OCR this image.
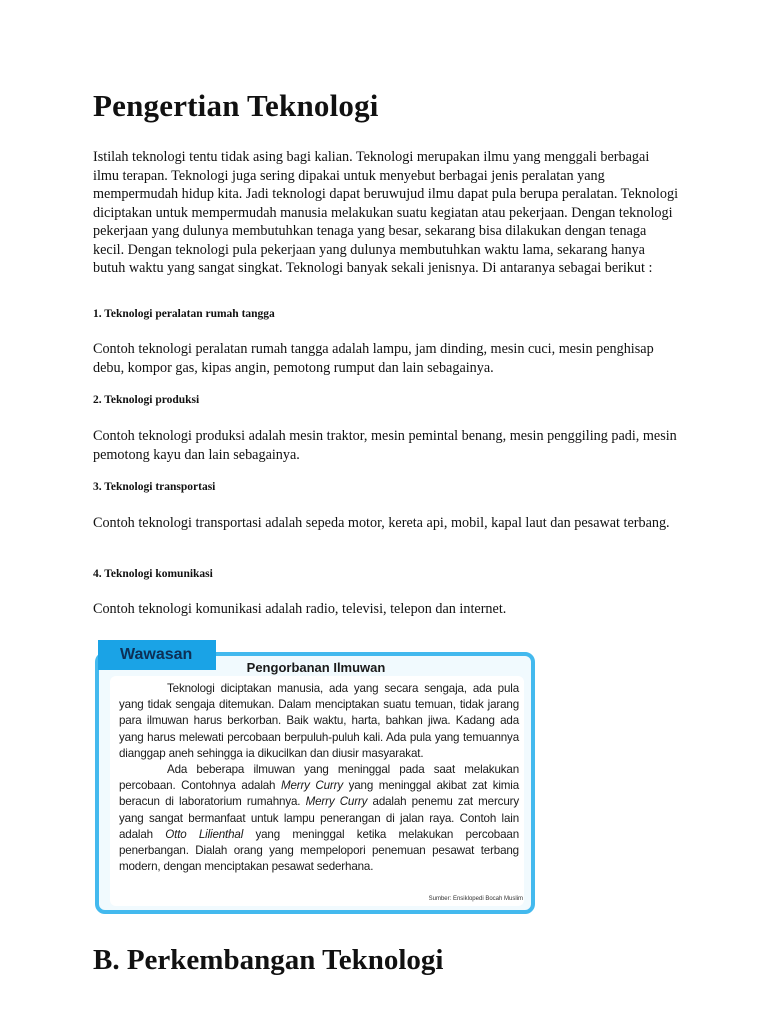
Pengertian Teknologi

Istilah teknologi tentu tidak asing bagi kalian. Teknologi merupakan ilmu yang menggali berbagai ilmu terapan. Teknologi juga sering dipakai untuk menyebut berbagai jenis peralatan yang mempermudah hidup kita. Jadi teknologi dapat beruwujud ilmu dapat pula berupa peralatan. Teknologi diciptakan untuk mempermudah manusia melakukan suatu kegiatan atau pekerjaan. Dengan teknologi pekerjaan yang dulunya membutuhkan tenaga yang besar, sekarang bisa dilakukan dengan tenaga kecil. Dengan teknologi pula pekerjaan yang dulunya membutuhkan waktu lama, sekarang hanya butuh waktu yang sangat singkat. Teknologi banyak sekali jenisnya. Di antaranya sebagai berikut :

1. Teknologi peralatan rumah tangga

Contoh teknologi peralatan rumah tangga adalah lampu, jam dinding, mesin cuci, mesin penghisap debu, kompor gas, kipas angin, pemotong rumput dan lain sebagainya.

2. Teknologi produksi

Contoh teknologi produksi adalah mesin traktor, mesin pemintal benang, mesin penggiling padi, mesin pemotong kayu dan lain sebagainya.

3. Teknologi transportasi

Contoh teknologi transportasi adalah sepeda motor, kereta api, mobil, kapal laut dan pesawat terbang.

4. Teknologi komunikasi

Contoh teknologi komunikasi adalah radio, televisi, telepon dan internet.

Wawasan
Pengorbanan Ilmuwan

Teknologi diciptakan manusia, ada yang secara sengaja, ada pula yang tidak sengaja ditemukan. Dalam menciptakan suatu temuan, tidak jarang para ilmuwan harus berkorban. Baik waktu, harta, bahkan jiwa. Kadang ada yang harus melewati percobaan berpuluh-puluh kali. Ada pula yang temuannya dianggap aneh sehingga ia dikucilkan dan diusir masyarakat.

Ada beberapa ilmuwan yang meninggal pada saat melakukan percobaan. Contohnya adalah Merry Curry yang meninggal akibat zat kimia beracun di laboratorium rumahnya. Merry Curry adalah penemu zat mercury yang sangat bermanfaat untuk lampu penerangan di jalan raya. Contoh lain adalah Otto Lilienthal yang meninggal ketika melakukan percobaan penerbangan. Dialah orang yang mempelopori penemuan pesawat terbang modern, dengan menciptakan pesawat sederhana.

Sumber: Ensiklopedi Bocah Muslim
B. Perkembangan Teknologi
